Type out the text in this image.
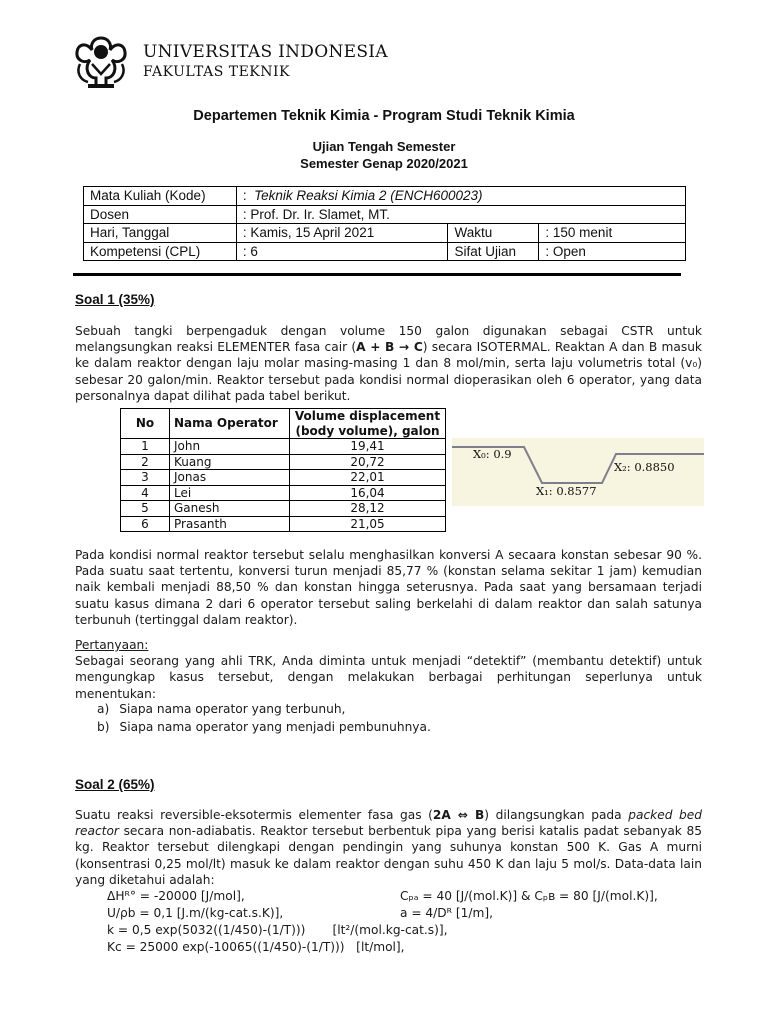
UNIVERSITAS INDONESIA
FAKULTAS TEKNIK
Departemen Teknik Kimia - Program Studi Teknik Kimia
Ujian Tengah Semester
Semester Genap 2020/2021
Mata Kuliah (Kode)	: Teknik Reaksi Kimia 2 (ENCH600023)		
Dosen	: Prof. Dr. Ir. Slamet, MT.		
Hari, Tanggal	: Kamis, 15 April 2021	Waktu	: 150 menit
Kompetensi (CPL)	: 6	Sifat Ujian	: Open
Soal 1 (35%)
Sebuah tangki berpengaduk dengan volume 150 galon digunakan sebagai CSTR untuk melangsungkan reaksi ELEMENTER fasa cair (A + B → C) secara ISOTERMAL. Reaktan A dan B masuk ke dalam reaktor dengan laju molar masing-masing 1 dan 8 mol/min, serta laju volumetris total (v₀) sebesar 20 galon/min. Reaktor tersebut pada kondisi normal dioperasikan oleh 6 operator, yang data personalnya dapat dilihat pada tabel berikut.
No	Nama Operator	Volume displacement (body volume), galon
1	John	19,41
2	Kuang	20,72
3	Jonas	22,01
4	Lei	16,04
5	Ganesh	28,12
6	Prasanth	21,05
X₀: 0.9
X₁: 0.8577
X₂: 0.8850
Pada kondisi normal reaktor tersebut selalu menghasilkan konversi A secaara konstan sebesar 90 %. Pada suatu saat tertentu, konversi turun menjadi 85,77 % (konstan selama sekitar 1 jam) kemudian naik kembali menjadi 88,50 % dan konstan hingga seterusnya. Pada saat yang bersamaan terjadi suatu kasus dimana 2 dari 6 operator tersebut saling berkelahi di dalam reaktor dan salah satunya terbunuh (tertinggal dalam reaktor).
Pertanyaan:
Sebagai seorang yang ahli TRK, Anda diminta untuk menjadi “detektif” (membantu detektif) untuk mengungkap kasus tersebut, dengan melakukan berbagai perhitungan seperlunya untuk menentukan:
a) Siapa nama operator yang terbunuh,
b) Siapa nama operator yang menjadi pembunuhnya.
Soal 2 (65%)
Suatu reaksi reversible-eksotermis elementer fasa gas (2A ⇔ B) dilangsungkan pada packed bed reactor secara non-adiabatis. Reaktor tersebut berbentuk pipa yang berisi katalis padat sebanyak 85 kg. Reaktor tersebut dilengkapi dengan pendingin yang suhunya konstan 500 K. Gas A murni (konsentrasi 0,25 mol/lt) masuk ke dalam reaktor dengan suhu 450 K dan laju 5 mol/s. Data-data lain yang diketahui adalah:
ΔHᴿ° = -20000 [J/mol],	Cₚₐ = 40 [J/(mol.K)] & Cₚʙ = 80 [J/(mol.K)],
U/ρb = 0,1 [J.m/(kg-cat.s.K)],	a = 4/Dᴿ [1/m],
k = 0,5 exp(5032((1/450)-(1/T)))       [lt²/(mol.kg-cat.s)],
Kc = 25000 exp(-10065((1/450)-(1/T)))   [lt/mol],
